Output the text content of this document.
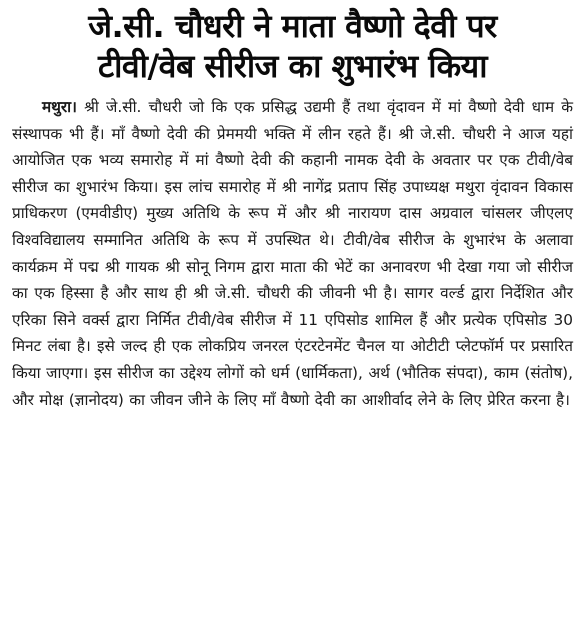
जे.सी. चौधरी ने माता वैष्णो देवी पर
टीवी/वेब सीरीज का शुभारंभ किया

मथुरा। श्री जे.सी. चौधरी जो कि एक प्रसिद्ध उद्यमी हैं तथा वृंदावन में मां वैष्णो देवी धाम के संस्थापक भी हैं। माँ वैष्णो देवी की प्रेममयी भक्ति में लीन रहते हैं। श्री जे.सी. चौधरी ने आज यहां आयोजित एक भव्य समारोह में मां वैष्णो देवी की कहानी नामक देवी के अवतार पर एक टीवी/वेब सीरीज का शुभारंभ किया। इस लांच समारोह में श्री नागेंद्र प्रताप सिंह उपाध्यक्ष मथुरा वृंदावन विकास प्राधिकरण (एमवीडीए) मुख्य अतिथि के रूप में और श्री नारायण दास अग्रवाल चांसलर जीएलए विश्वविद्यालय सम्मानित अतिथि के रूप में उपस्थित थे। टीवी/वेब सीरीज के शुभारंभ के अलावा कार्यक्रम में पद्म श्री गायक श्री सोनू निगम द्वारा माता की भेटें का अनावरण भी देखा गया जो सीरीज का एक हिस्सा है और साथ ही श्री जे.सी. चौधरी की जीवनी भी है। सागर वर्ल्ड द्वारा निर्देशित और एरिका सिने वर्क्स द्वारा निर्मित टीवी/वेब सीरीज में 11 एपिसोड शामिल हैं और प्रत्येक एपिसोड 30 मिनट लंबा है। इसे जल्द ही एक लोकप्रिय जनरल एंटरटेनमेंट चैनल या ओटीटी प्लेटफॉर्म पर प्रसारित किया जाएगा। इस सीरीज का उद्देश्य लोगों को धर्म (धार्मिकता), अर्थ (भौतिक संपदा), काम (संतोष), और मोक्ष (ज्ञानोदय) का जीवन जीने के लिए माँ वैष्णो देवी का आशीर्वाद लेने के लिए प्रेरित करना है।
